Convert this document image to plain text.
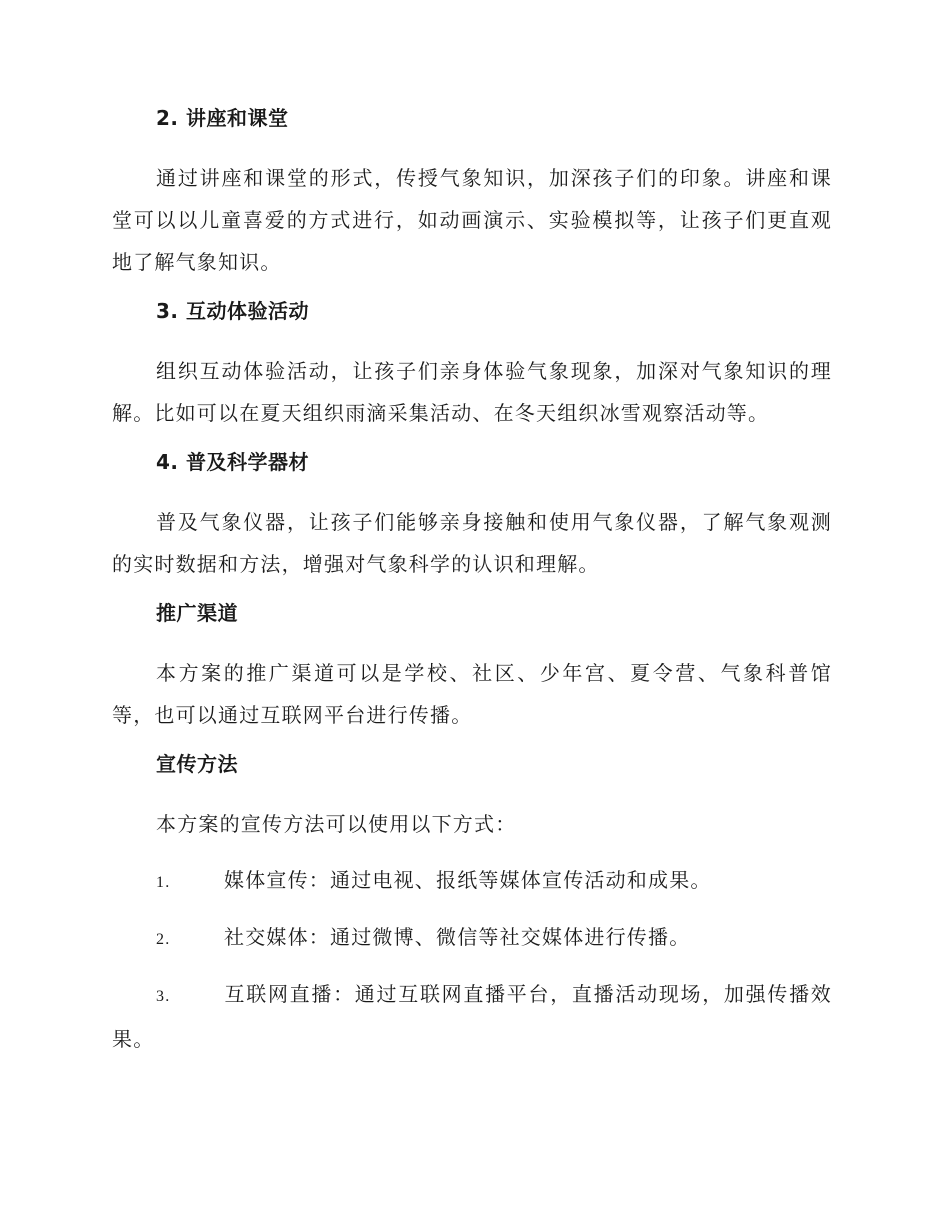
2. 讲座和课堂

通过讲座和课堂的形式，传授气象知识，加深孩子们的印象。讲座和课堂可以以儿童喜爱的方式进行，如动画演示、实验模拟等，让孩子们更直观地了解气象知识。

3. 互动体验活动

组织互动体验活动，让孩子们亲身体验气象现象，加深对气象知识的理解。比如可以在夏天组织雨滴采集活动、在冬天组织冰雪观察活动等。

4. 普及科学器材

普及气象仪器，让孩子们能够亲身接触和使用气象仪器，了解气象观测的实时数据和方法，增强对气象科学的认识和理解。

推广渠道

本方案的推广渠道可以是学校、社区、少年宫、夏令营、气象科普馆等，也可以通过互联网平台进行传播。

宣传方法

本方案的宣传方法可以使用以下方式：

1.	媒体宣传：通过电视、报纸等媒体宣传活动和成果。
2.	社交媒体：通过微博、微信等社交媒体进行传播。
3.	互联网直播：通过互联网直播平台，直播活动现场，加强传播效果。
